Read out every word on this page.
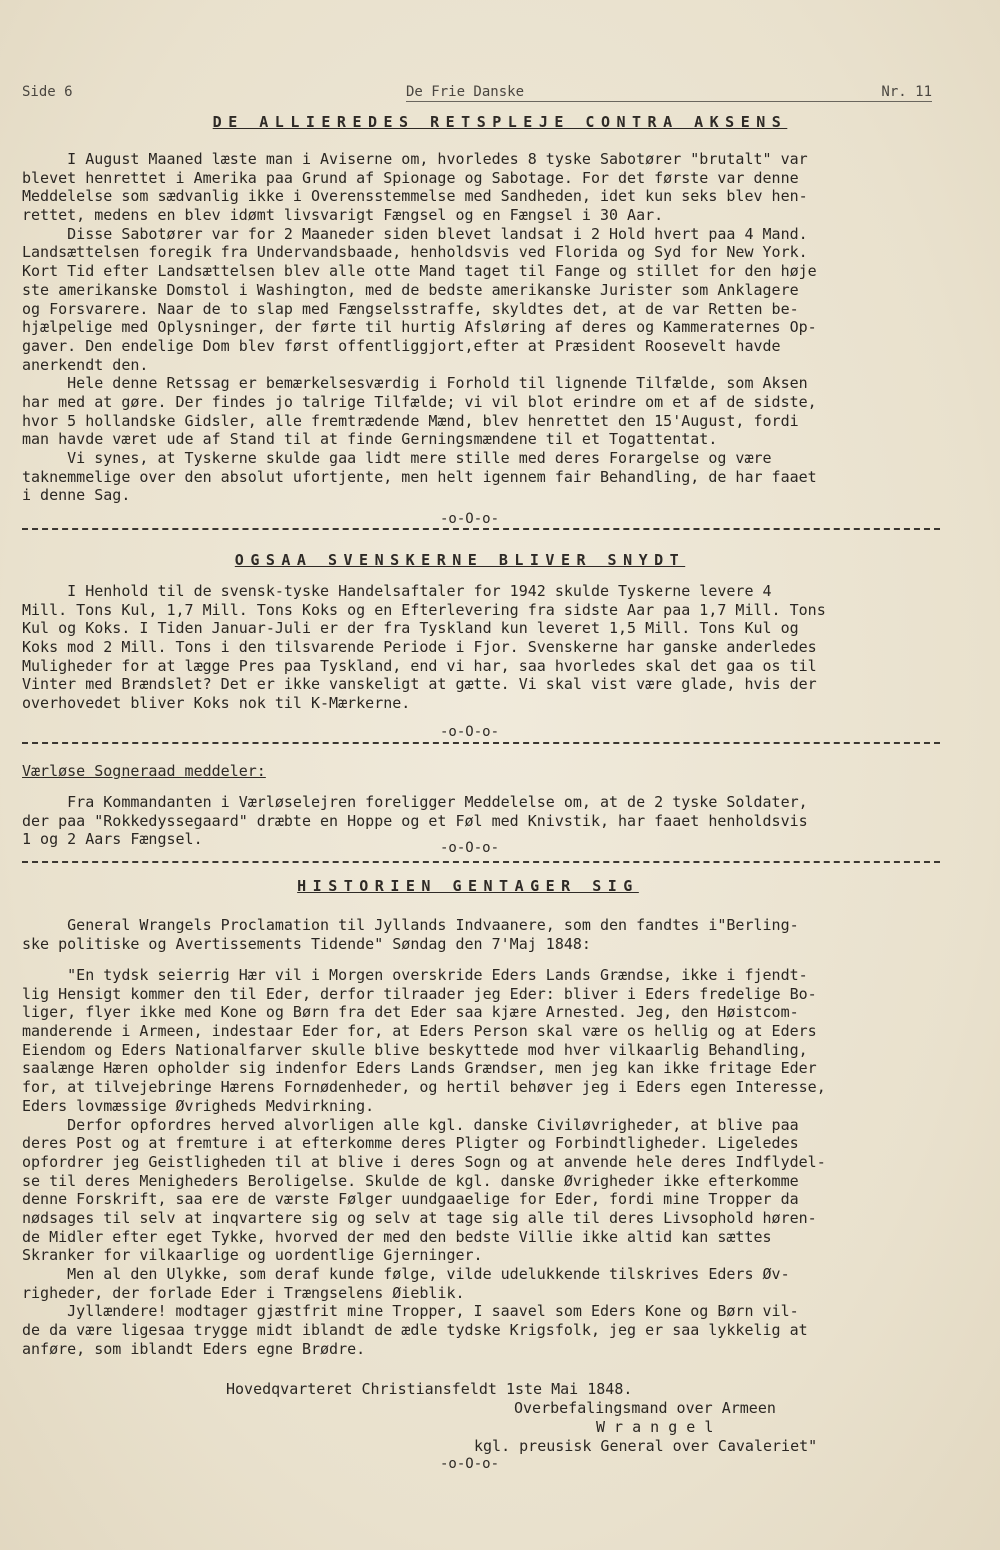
Side 6	De Frie Danske	Nr. 11
DE ALLIEREDES RETSPLEJE CONTRA AKSENS
I August Maaned læste man i Aviserne om, hvorledes 8 tyske Sabotører "brutalt" var
blevet henrettet i Amerika paa Grund af Spionage og Sabotage. For det første var denne
Meddelelse som sædvanlig ikke i Overensstemmelse med Sandheden, idet kun seks blev hen-
rettet, medens en blev idømt livsvarigt Fængsel og en Fængsel i 30 Aar.
Disse Sabotører var for 2 Maaneder siden blevet landsat i 2 Hold hvert paa 4 Mand.
Landsættelsen foregik fra Undervandsbaade, henholdsvis ved Florida og Syd for New York.
Kort Tid efter Landsættelsen blev alle otte Mand taget til Fange og stillet for den høje
ste amerikanske Domstol i Washington, med de bedste amerikanske Jurister som Anklagere
og Forsvarere. Naar de to slap med Fængselsstraffe, skyldtes det, at de var Retten be-
hjælpelige med Oplysninger, der førte til hurtig Afsløring af deres og Kammeraternes Op-
gaver. Den endelige Dom blev først offentliggjort,efter at Præsident Roosevelt havde
anerkendt den.
Hele denne Retssag er bemærkelsesværdig i Forhold til lignende Tilfælde, som Aksen
har med at gøre. Der findes jo talrige Tilfælde; vi vil blot erindre om et af de sidste,
hvor 5 hollandske Gidsler, alle fremtrædende Mænd, blev henrettet den 15'August, fordi
man havde været ude af Stand til at finde Gerningsmændene til et Togattentat.
Vi synes, at Tyskerne skulde gaa lidt mere stille med deres Forargelse og være
taknemmelige over den absolut ufortjente, men helt igennem fair Behandling, de har faaet
i denne Sag.
-o-O-o-
OGSAA SVENSKERNE BLIVER SNYDT
I Henhold til de svensk-tyske Handelsaftaler for 1942 skulde Tyskerne levere 4
Mill. Tons Kul, 1,7 Mill. Tons Koks og en Efterlevering fra sidste Aar paa 1,7 Mill. Tons
Kul og Koks. I Tiden Januar-Juli er der fra Tyskland kun leveret 1,5 Mill. Tons Kul og
Koks mod 2 Mill. Tons i den tilsvarende Periode i Fjor. Svenskerne har ganske anderledes
Muligheder for at lægge Pres paa Tyskland, end vi har, saa hvorledes skal det gaa os til
Vinter med Brændslet? Det er ikke vanskeligt at gætte. Vi skal vist være glade, hvis der
overhovedet bliver Koks nok til K-Mærkerne.
-o-O-o-
Værløse Sogneraad meddeler:
Fra Kommandanten i Værløselejren foreligger Meddelelse om, at de 2 tyske Soldater,
der paa "Rokkedyssegaard" dræbte en Hoppe og et Føl med Knivstik, har faaet henholdsvis
1 og 2 Aars Fængsel.	-o-O-o-
HISTORIEN GENTAGER SIG
General Wrangels Proclamation til Jyllands Indvaanere, som den fandtes i"Berling-
ske politiske og Avertissements Tidende" Søndag den 7'Maj 1848:
"En tydsk seierrig Hær vil i Morgen overskride Eders Lands Grændse, ikke i fjendt-
lig Hensigt kommer den til Eder, derfor tilraader jeg Eder: bliver i Eders fredelige Bo-
liger, flyer ikke med Kone og Børn fra det Eder saa kjære Arnested. Jeg, den Høistcom-
manderende i Armeen, indestaar Eder for, at Eders Person skal være os hellig og at Eders
Eiendom og Eders Nationalfarver skulle blive beskyttede mod hver vilkaarlig Behandling,
saalænge Hæren opholder sig indenfor Eders Lands Grændser, men jeg kan ikke fritage Eder
for, at tilvejebringe Hærens Fornødenheder, og hertil behøver jeg i Eders egen Interesse,
Eders lovmæssige Øvrigheds Medvirkning.
Derfor opfordres herved alvorligen alle kgl. danske Civiløvrigheder, at blive paa
deres Post og at fremture i at efterkomme deres Pligter og Forbindtligheder. Ligeledes
opfordrer jeg Geistligheden til at blive i deres Sogn og at anvende hele deres Indflydel-
se til deres Menigheders Beroligelse. Skulde de kgl. danske Øvrigheder ikke efterkomme
denne Forskrift, saa ere de værste Følger uundgaaelige for Eder, fordi mine Tropper da
nødsages til selv at inqvartere sig og selv at tage sig alle til deres Livsophold høren-
de Midler efter eget Tykke, hvorved der med den bedste Villie ikke altid kan sættes
Skranker for vilkaarlige og uordentlige Gjerninger.
Men al den Ulykke, som deraf kunde følge, vilde udelukkende tilskrives Eders Øv-
righeder, der forlade Eder i Trængselens Øieblik.
Jyllændere! modtager gjæstfrit mine Tropper, I saavel som Eders Kone og Børn vil-
de da være ligesaa trygge midt iblandt de ædle tydske Krigsfolk, jeg er saa lykkelig at
anføre, som iblandt Eders egne Brødre.
Hovedqvarteret Christiansfeldt 1ste Mai 1848.
Overbefalingsmand over Armeen
W r a n g e l
kgl. preusisk General over Cavaleriet"
-o-O-o-
